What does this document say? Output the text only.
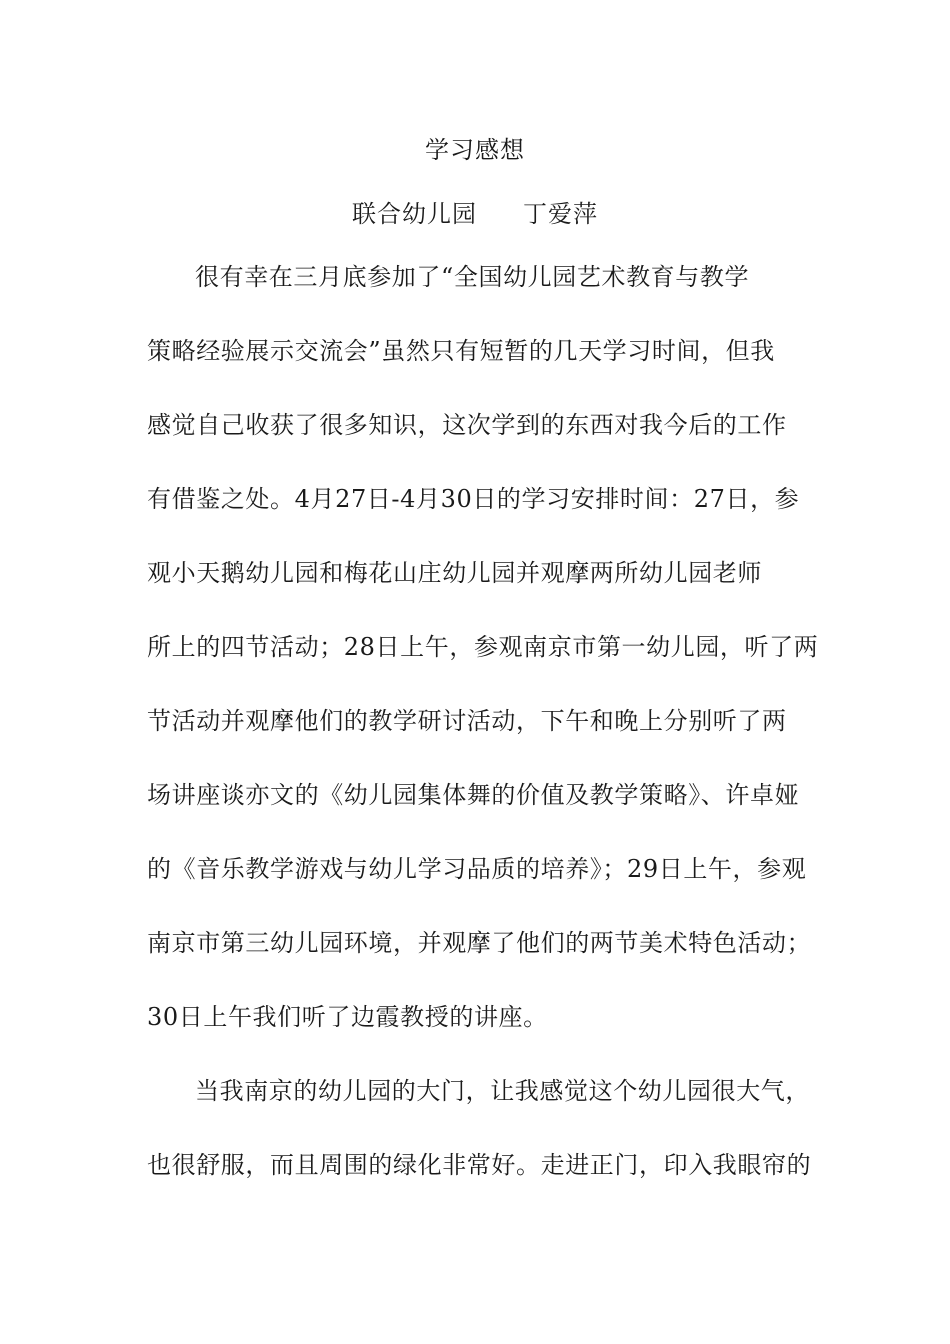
学习感想
联合幼儿园 丁爱萍
很有幸在三月底参加了“全国幼儿园艺术教育与教学
策略经验展示交流会”虽然只有短暂的几天学习时间，但我
感觉自己收获了很多知识，这次学到的东西对我今后的工作
有借鉴之处。4月27日-4月30日的学习安排时间：27日，参
观小天鹅幼儿园和梅花山庄幼儿园并观摩两所幼儿园老师
所上的四节活动；28日上午，参观南京市第一幼儿园，听了两
节活动并观摩他们的教学研讨活动，下午和晚上分别听了两
场讲座谈亦文的《幼儿园集体舞的价值及教学策略》、许卓娅
的《音乐教学游戏与幼儿学习品质的培养》；29日上午，参观
南京市第三幼儿园环境，并观摩了他们的两节美术特色活动；
30日上午我们听了边霞教授的讲座。
当我南京的幼儿园的大门，让我感觉这个幼儿园很大气，
也很舒服，而且周围的绿化非常好。走进正门，印入我眼帘的
